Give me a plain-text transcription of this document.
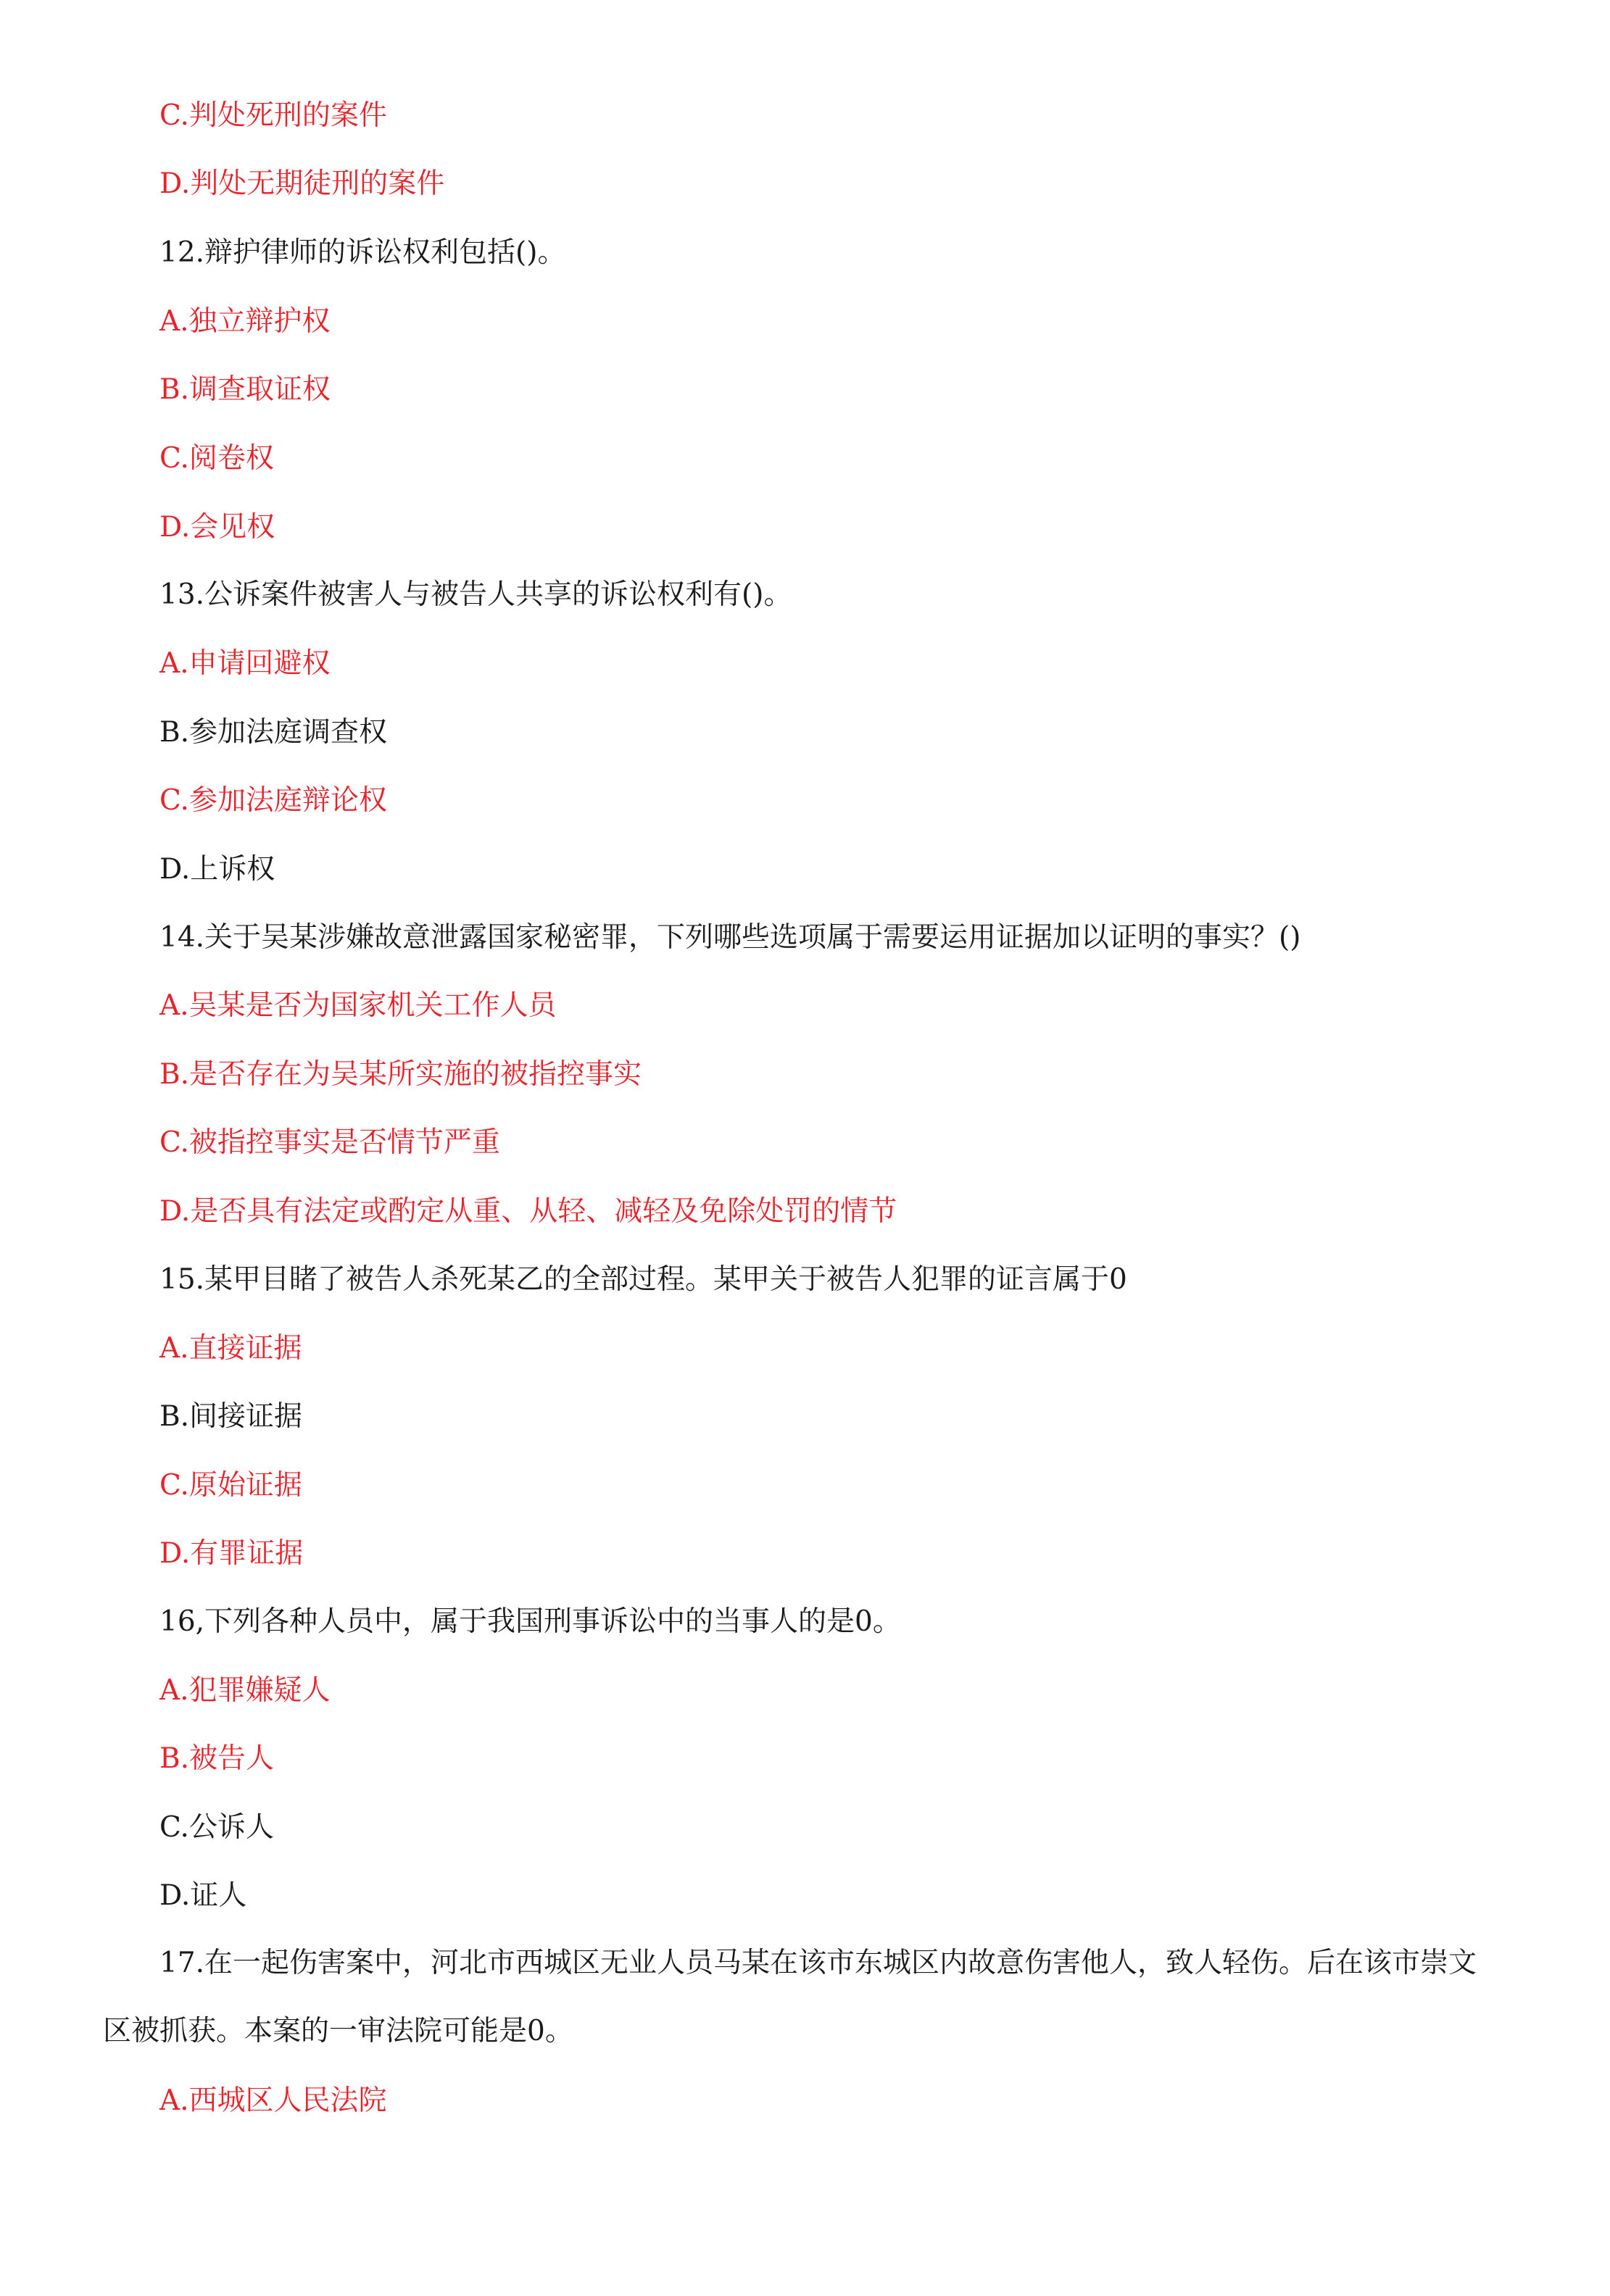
C.判处死刑的案件
D.判处无期徒刑的案件
12.辩护律师的诉讼权利包括()。
A.独立辩护权
B.调查取证权
C.阅卷权
D.会见权
13.公诉案件被害人与被告人共享的诉讼权利有()。
A.申请回避权
B.参加法庭调查权
C.参加法庭辩论权
D.上诉权
14.关于吴某涉嫌故意泄露国家秘密罪，下列哪些选项属于需要运用证据加以证明的事实？()
A.吴某是否为国家机关工作人员
B.是否存在为吴某所实施的被指控事实
C.被指控事实是否情节严重
D.是否具有法定或酌定从重、从轻、减轻及免除处罚的情节
15.某甲目睹了被告人杀死某乙的全部过程。某甲关于被告人犯罪的证言属于0
A.直接证据
B.间接证据
C.原始证据
D.有罪证据
16,下列各种人员中，属于我国刑事诉讼中的当事人的是0。
A.犯罪嫌疑人
B.被告人
C.公诉人
D.证人
17.在一起伤害案中，河北市西城区无业人员马某在该市东城区内故意伤害他人，致人轻伤。后在该市崇文区被抓获。本案的一审法院可能是0。
A.西城区人民法院
